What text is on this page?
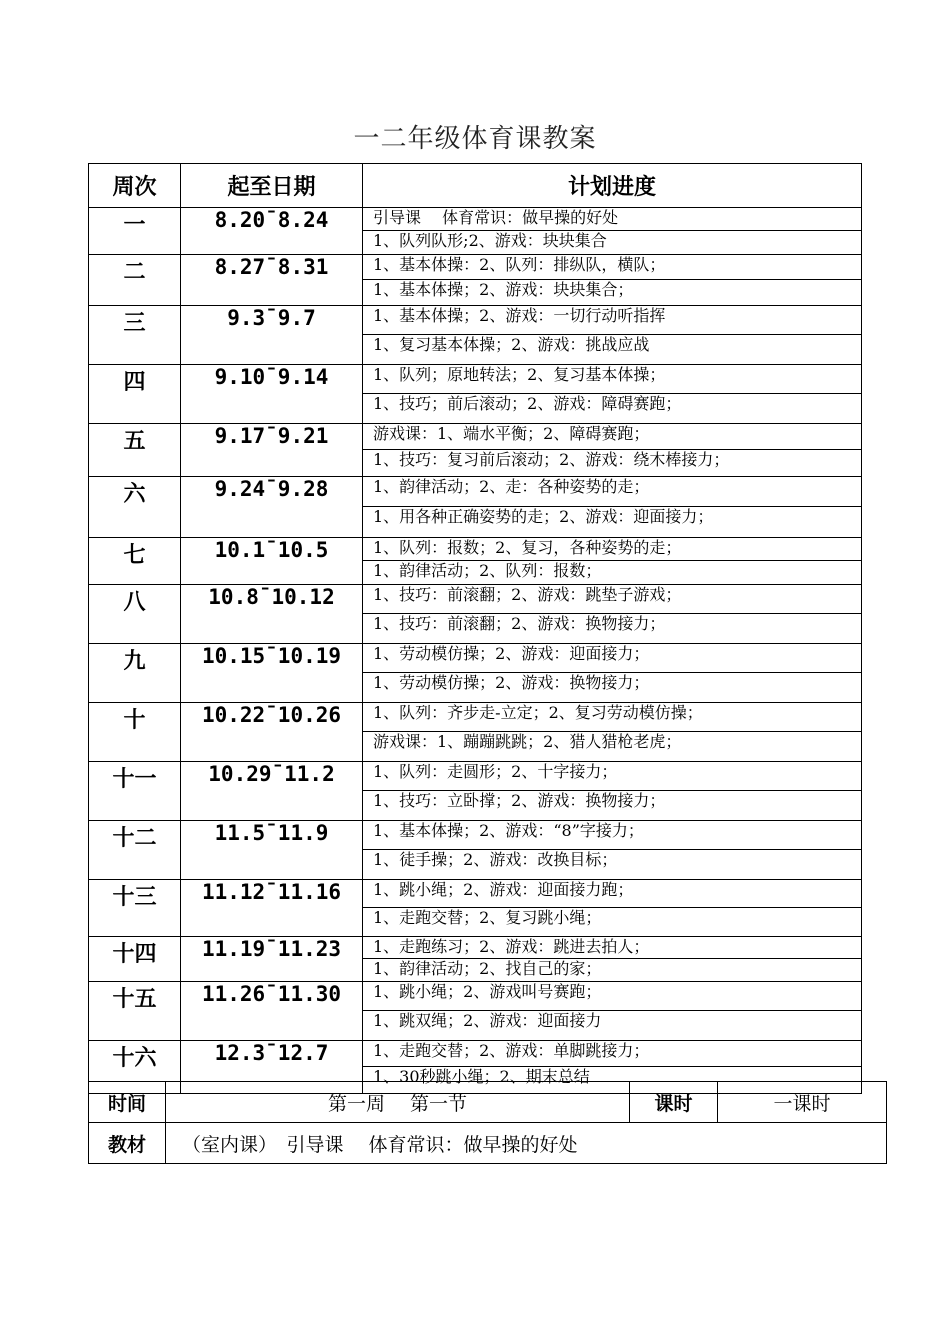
一二年级体育课教案
周次	起至日期	计划进度
一	8.20¯8.24	引导课　 体育常识：做早操的好处
1、队列队形;2、游戏：块块集合

二	8.27¯8.31	1、基本体操：2、队列：排纵队，横队；
1、基本体操；2、游戏：块块集合；

三	9.3¯9.7	1、基本体操；2、游戏：一切行动听指挥
1、复习基本体操；2、游戏：挑战应战

四	9.10¯9.14	1、队列；原地转法；2、复习基本体操；
1、技巧；前后滚动；2、游戏：障碍赛跑；

五	9.17¯9.21	游戏课：1、端水平衡；2、障碍赛跑；
1、技巧：复习前后滚动；2、游戏：绕木棒接力；

六	9.24¯9.28	1、韵律活动；2、走：各种姿势的走；
1、用各种正确姿势的走；2、游戏：迎面接力；

七	10.1¯10.5	1、队列：报数；2、复习，各种姿势的走；
1、韵律活动；2、队列：报数；

八	10.8¯10.12	1、技巧：前滚翻；2、游戏：跳垫子游戏；
1、技巧：前滚翻；2、游戏：换物接力；

九	10.15¯10.19	1、劳动模仿操；2、游戏：迎面接力；
1、劳动模仿操；2、游戏：换物接力；

十	10.22¯10.26	1、队列：齐步走-立定；2、复习劳动模仿操；
游戏课：1、蹦蹦跳跳；2、猎人猎枪老虎；

十一	10.29¯11.2	1、队列：走圆形；2、十字接力；
1、技巧：立卧撑；2、游戏：换物接力；

十二	11.5¯11.9	1、基本体操；2、游戏：“8”字接力；
1、徒手操；2、游戏：改换目标；

十三	11.12¯11.16	1、跳小绳；2、游戏：迎面接力跑；
1、走跑交替；2、复习跳小绳；

十四	11.19¯11.23	1、走跑练习；2、游戏：跳进去拍人；
1、韵律活动；2、找自己的家；

十五	11.26¯11.30	1、跳小绳；2、游戏叫号赛跑；
1、跳双绳；2、游戏：迎面接力

十六	12.3¯12.7	1、走跑交替；2、游戏：单脚跳接力；
1、30秒跳小绳；2、期末总结
时间	第一周　 第一节	课时	一课时
教材	（室内课）　引导课　 体育常识：做早操的好处		
